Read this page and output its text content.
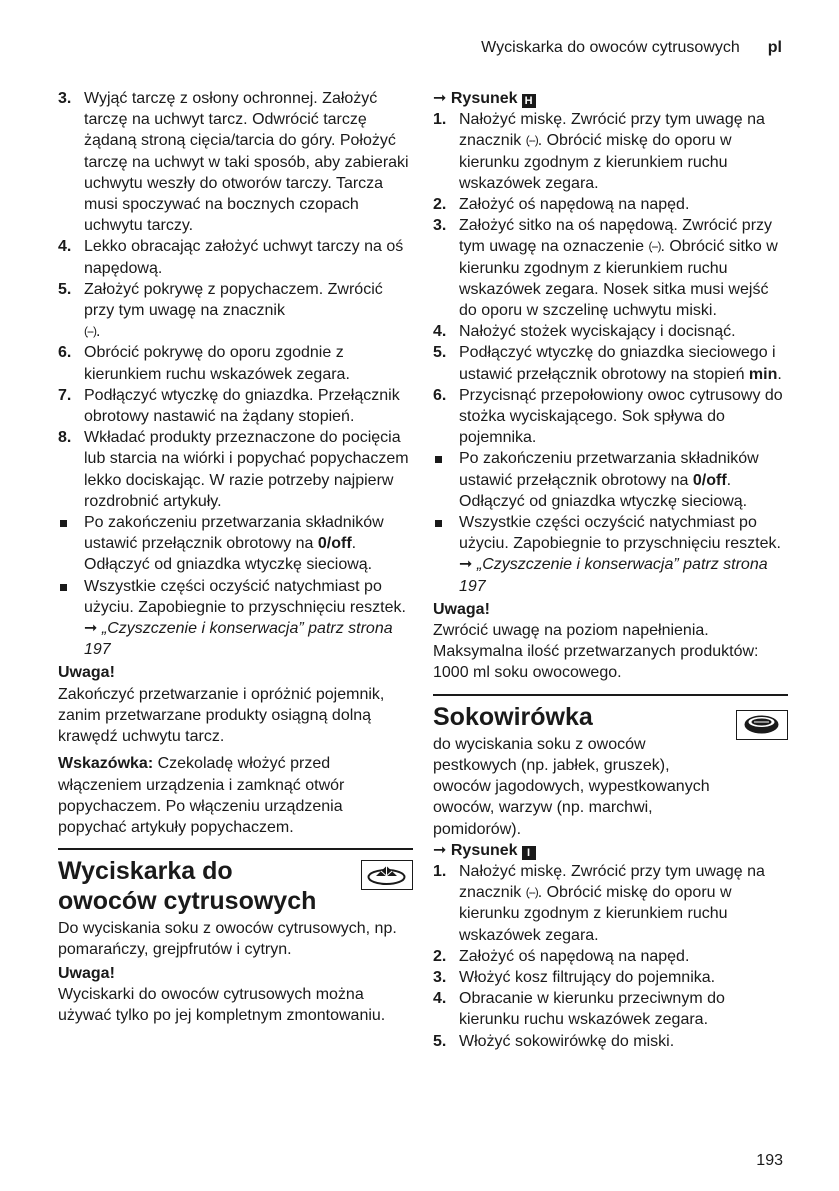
Wyciskarka do owoców cytrusowych pl
3. Wyjąć tarczę z osłony ochronnej. Założyć tarczę na uchwyt tarcz. Odwrócić tarczę żądaną stroną cięcia/tarcia do góry. Położyć tarczę na uchwyt w taki sposób, aby zabieraki uchwytu weszły do otworów tarczy. Tarcza musi spoczywać na bocznych czopach uchwytu tarczy.
4. Lekko obracając założyć uchwyt tarczy na oś napędową.
5. Założyć pokrywę z popychaczem. Zwrócić przy tym uwagę na znacznik
(-̣-).
6. Obrócić pokrywę do oporu zgodnie z kierunkiem ruchu wskazówek zegara.
7. Podłączyć wtyczkę do gniazdka. Przełącznik obrotowy nastawić na żądany stopień.
8. Wkładać produkty przeznaczone do pocięcia lub starcia na wiórki i popychać popychaczem lekko dociskając. W razie potrzeby najpierw rozdrobnić artykuły.
Po zakończeniu przetwarzania składników ustawić przełącznik obrotowy na 0/off. Odłączyć od gniazdka wtyczkę sieciową.
Wszystkie części oczyścić natychmiast po użyciu. Zapobiegnie to przyschnięciu resztek. ➞ „Czyszczenie i konserwacja” patrz strona 197
Uwaga!
Zakończyć przetwarzanie i opróżnić pojemnik, zanim przetwarzane produkty osiągną dolną krawędź uchwytu tarcz.
Wskazówka: Czekoladę włożyć przed włączeniem urządzenia i zamknąć otwór popychaczem. Po włączeniu urządzenia popychać artykuły popychaczem.
Wyciskarka do
owoców cytrusowych
Do wyciskania soku z owoców cytrusowych, np. pomarańczy, grejpfrutów i cytryn.
Uwaga!
Wyciskarki do owoców cytrusowych można używać tylko po jej kompletnym zmontowaniu.
➞ Rysunek H
1. Nałożyć miskę. Zwrócić przy tym uwagę na znacznik (-̣-). Obrócić miskę do oporu w kierunku zgodnym z kierunkiem ruchu wskazówek zegara.
2. Założyć oś napędową na napęd.
3. Założyć sitko na oś napędową. Zwrócić przy tym uwagę na oznaczenie (-̣-). Obrócić sitko w kierunku zgodnym z kierunkiem ruchu wskazówek zegara. Nosek sitka musi wejść do oporu w szczelinę uchwytu miski.
4. Nałożyć stożek wyciskający i docisnąć.
5. Podłączyć wtyczkę do gniazdka sieciowego i ustawić przełącznik obrotowy na stopień min.
6. Przycisnąć przepołowiony owoc cytrusowy do stożka wyciskającego. Sok spływa do pojemnika.
Po zakończeniu przetwarzania składników ustawić przełącznik obrotowy na 0/off. Odłączyć od gniazdka wtyczkę sieciową.
Wszystkie części oczyścić natychmiast po użyciu. Zapobiegnie to przyschnięciu resztek. ➞ „Czyszczenie i konserwacja” patrz strona 197
Uwaga!
Zwrócić uwagę na poziom napełnienia. Maksymalna ilość przetwarzanych produktów: 1000 ml soku owocowego.
Sokowirówka
do wyciskania soku z owoców pestkowych (np. jabłek, gruszek), owoców jagodowych, wypestkowanych owoców, warzyw (np. marchwi, pomidorów).
➞ Rysunek I
1. Nałożyć miskę. Zwrócić przy tym uwagę na znacznik (-̣-). Obrócić miskę do oporu w kierunku zgodnym z kierunkiem ruchu wskazówek zegara.
2. Założyć oś napędową na napęd.
3. Włożyć kosz filtrujący do pojemnika.
4. Obracanie w kierunku przeciwnym do kierunku ruchu wskazówek zegara.
5. Włożyć sokowirówkę do miski.
193
